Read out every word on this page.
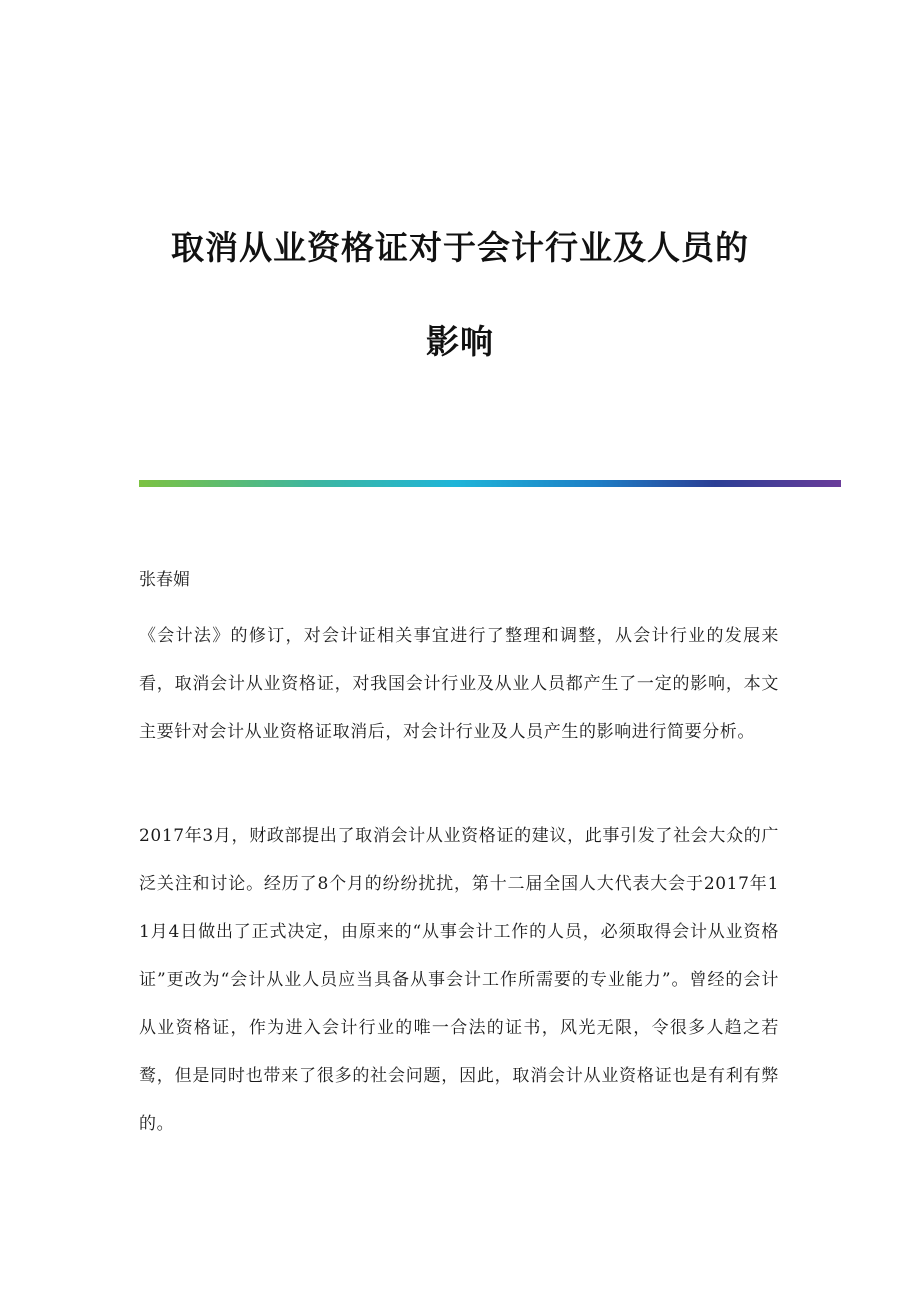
取消从业资格证对于会计行业及人员的
影响
张春媚
《会计法》的修订，对会计证相关事宜进行了整理和调整，从会计行业的发展来看，取消会计从业资格证，对我国会计行业及从业人员都产生了一定的影响，本文主要针对会计从业资格证取消后，对会计行业及人员产生的影响进行简要分析。
2017年3月，财政部提出了取消会计从业资格证的建议，此事引发了社会大众的广泛关注和讨论。经历了8个月的纷纷扰扰，第十二届全国人大代表大会于2017年11月4日做出了正式决定，由原来的“从事会计工作的人员，必须取得会计从业资格证”更改为“会计从业人员应当具备从事会计工作所需要的专业能力”。曾经的会计从业资格证，作为进入会计行业的唯一合法的证书，风光无限，令很多人趋之若鹜，但是同时也带来了很多的社会问题，因此，取消会计从业资格证也是有利有弊的。
